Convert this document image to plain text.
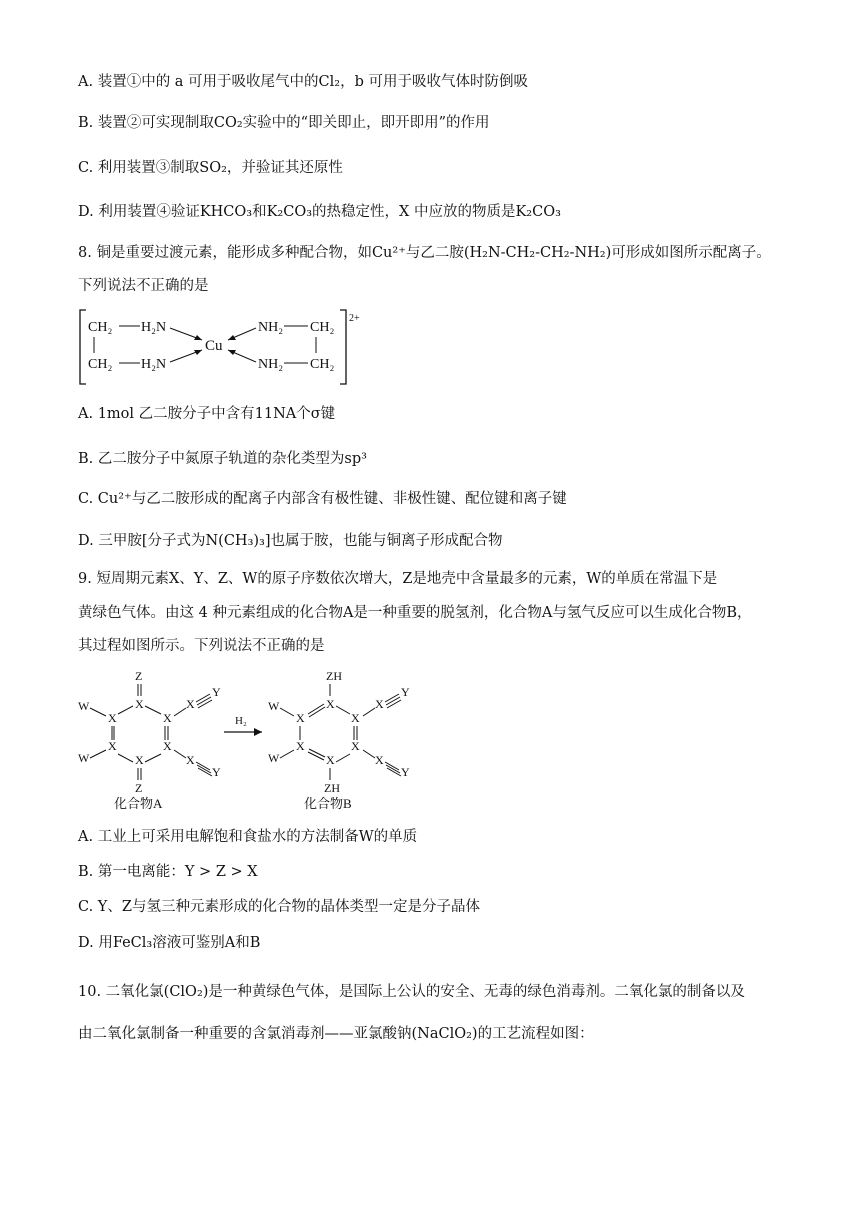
A. 装置①中的 a 可用于吸收尾气中的Cl₂，b 可用于吸收气体时防倒吸
B. 装置②可实现制取CO₂实验中的“即关即止，即开即用”的作用
C. 利用装置③制取SO₂，并验证其还原性
D. 利用装置④验证KHCO₃和K₂CO₃的热稳定性，X 中应放的物质是K₂CO₃
8. 铜是重要过渡元素，能形成多种配合物，如Cu²⁺与乙二胺(H₂N-CH₂-CH₂-NH₂)可形成如图所示配离子。
下列说法不正确的是
2+
CH₂ H₂N
CH₂ H₂N
Cu
NH₂ CH₂
NH₂ CH₂
A. 1mol 乙二胺分子中含有11NA个σ键
B. 乙二胺分子中氮原子轨道的杂化类型为sp³
C. Cu²⁺与乙二胺形成的配离子内部含有极性键、非极性键、配位键和离子键
D. 三甲胺[分子式为N(CH₃)₃]也属于胺，也能与铜离子形成配合物
9. 短周期元素X、Y、Z、W的原子序数依次增大，Z是地壳中含量最多的元素，W的单质在常温下是
黄绿色气体。由这 4 种元素组成的化合物A是一种重要的脱氢剂，化合物A与氢气反应可以生成化合物B，
其过程如图所示。下列说法不正确的是
Z
X
X	X
X	X
X
Z
W
W
X
Y
X
Y
化合物A
H₂
ZH
X
X	X
X	X
X
ZH
W
W
X
Y
X
Y
化合物B
A. 工业上可采用电解饱和食盐水的方法制备W的单质
B. 第一电离能：Y > Z > X
C. Y、Z与氢三种元素形成的化合物的晶体类型一定是分子晶体
D. 用FeCl₃溶液可鉴别A和B
10. 二氧化氯(ClO₂)是一种黄绿色气体，是国际上公认的安全、无毒的绿色消毒剂。二氧化氯的制备以及
由二氧化氯制备一种重要的含氯消毒剂——亚氯酸钠(NaClO₂)的工艺流程如图：
